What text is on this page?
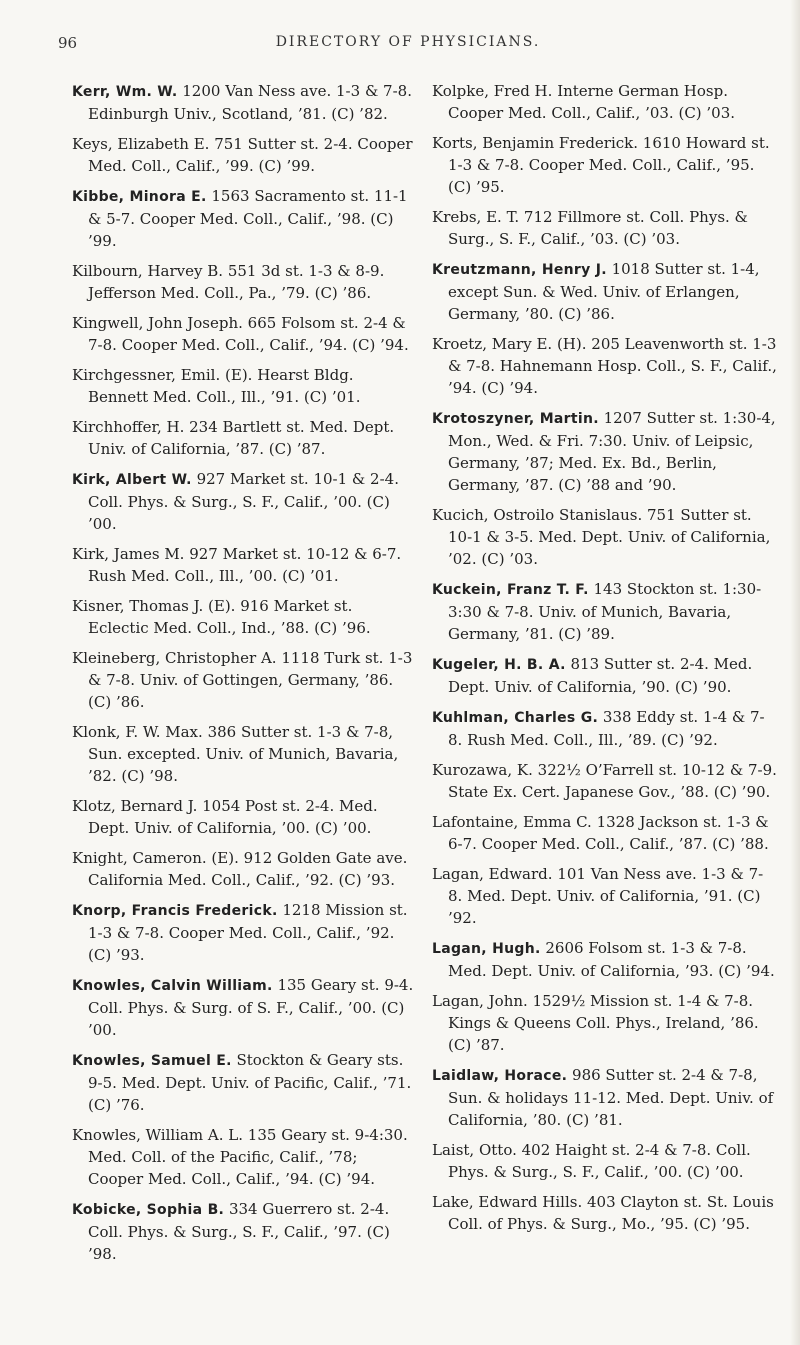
96	DIRECTORY OF PHYSICIANS.

Kerr, Wm. W. 1200 Van Ness ave. 1-3 & 7-8. Edinburgh Univ., Scotland, ’81. (C) ’82.

Keys, Elizabeth E. 751 Sutter st. 2-4. Cooper Med. Coll., Calif., ’99. (C) ’99.

Kibbe, Minora E. 1563 Sacramento st. 11-1 & 5-7. Cooper Med. Coll., Calif., ’98. (C) ’99.

Kilbourn, Harvey B. 551 3d st. 1-3 & 8-9. Jefferson Med. Coll., Pa., ’79. (C) ’86.

Kingwell, John Joseph. 665 Folsom st. 2-4 & 7-8. Cooper Med. Coll., Calif., ’94. (C) ’94.

Kirchgessner, Emil. (E). Hearst Bldg. Bennett Med. Coll., Ill., ’91. (C) ’01.

Kirchhoffer, H. 234 Bartlett st. Med. Dept. Univ. of California, ’87. (C) ’87.

Kirk, Albert W. 927 Market st. 10-1 & 2-4. Coll. Phys. & Surg., S. F., Calif., ’00. (C) ’00.

Kirk, James M. 927 Market st. 10-12 & 6-7. Rush Med. Coll., Ill., ’00. (C) ’01.

Kisner, Thomas J. (E). 916 Market st. Eclectic Med. Coll., Ind., ’88. (C) ’96.

Kleineberg, Christopher A. 1118 Turk st. 1-3 & 7-8. Univ. of Gottingen, Germany, ’86. (C) ’86.

Klonk, F. W. Max. 386 Sutter st. 1-3 & 7-8, Sun. excepted. Univ. of Munich, Bavaria, ’82. (C) ’98.

Klotz, Bernard J. 1054 Post st. 2-4. Med. Dept. Univ. of California, ’00. (C) ’00.

Knight, Cameron. (E). 912 Golden Gate ave. California Med. Coll., Calif., ’92. (C) ’93.

Knorp, Francis Frederick. 1218 Mission st. 1-3 & 7-8. Cooper Med. Coll., Calif., ’92. (C) ’93.

Knowles, Calvin William. 135 Geary st. 9-4. Coll. Phys. & Surg. of S. F., Calif., ’00. (C) ’00.

Knowles, Samuel E. Stockton & Geary sts. 9-5. Med. Dept. Univ. of Pacific, Calif., ’71. (C) ’76.

Knowles, William A. L. 135 Geary st. 9-4:30. Med. Coll. of the Pacific, Calif., ’78; Cooper Med. Coll., Calif., ’94. (C) ’94.

Kobicke, Sophia B. 334 Guerrero st. 2-4. Coll. Phys. & Surg., S. F., Calif., ’97. (C) ’98.

Kolpke, Fred H. Interne German Hosp. Cooper Med. Coll., Calif., ’03. (C) ’03.

Korts, Benjamin Frederick. 1610 Howard st. 1-3 & 7-8. Cooper Med. Coll., Calif., ’95. (C) ’95.

Krebs, E. T. 712 Fillmore st. Coll. Phys. & Surg., S. F., Calif., ’03. (C) ’03.

Kreutzmann, Henry J. 1018 Sutter st. 1-4, except Sun. & Wed. Univ. of Erlangen, Germany, ’80. (C) ’86.

Kroetz, Mary E. (H). 205 Leavenworth st. 1-3 & 7-8. Hahnemann Hosp. Coll., S. F., Calif., ’94. (C) ’94.

Krotoszyner, Martin. 1207 Sutter st. 1:30-4, Mon., Wed. & Fri. 7:30. Univ. of Leipsic, Germany, ’87; Med. Ex. Bd., Berlin, Germany, ’87. (C) ’88 and ’90.

Kucich, Ostroilo Stanislaus. 751 Sutter st. 10-1 & 3-5. Med. Dept. Univ. of California, ’02. (C) ’03.

Kuckein, Franz T. F. 143 Stockton st. 1:30-3:30 & 7-8. Univ. of Munich, Bavaria, Germany, ’81. (C) ’89.

Kugeler, H. B. A. 813 Sutter st. 2-4. Med. Dept. Univ. of California, ’90. (C) ’90.

Kuhlman, Charles G. 338 Eddy st. 1-4 & 7-8. Rush Med. Coll., Ill., ’89. (C) ’92.

Kurozawa, K. 322½ O’Farrell st. 10-12 & 7-9. State Ex. Cert. Japanese Gov., ’88. (C) ’90.

Lafontaine, Emma C. 1328 Jackson st. 1-3 & 6-7. Cooper Med. Coll., Calif., ’87. (C) ’88.

Lagan, Edward. 101 Van Ness ave. 1-3 & 7-8. Med. Dept. Univ. of California, ’91. (C) ’92.

Lagan, Hugh. 2606 Folsom st. 1-3 & 7-8. Med. Dept. Univ. of California, ’93. (C) ’94.

Lagan, John. 1529½ Mission st. 1-4 & 7-8. Kings & Queens Coll. Phys., Ireland, ’86. (C) ’87.

Laidlaw, Horace. 986 Sutter st. 2-4 & 7-8, Sun. & holidays 11-12. Med. Dept. Univ. of California, ’80. (C) ’81.

Laist, Otto. 402 Haight st. 2-4 & 7-8. Coll. Phys. & Surg., S. F., Calif., ’00. (C) ’00.

Lake, Edward Hills. 403 Clayton st. St. Louis Coll. of Phys. & Surg., Mo., ’95. (C) ’95.
